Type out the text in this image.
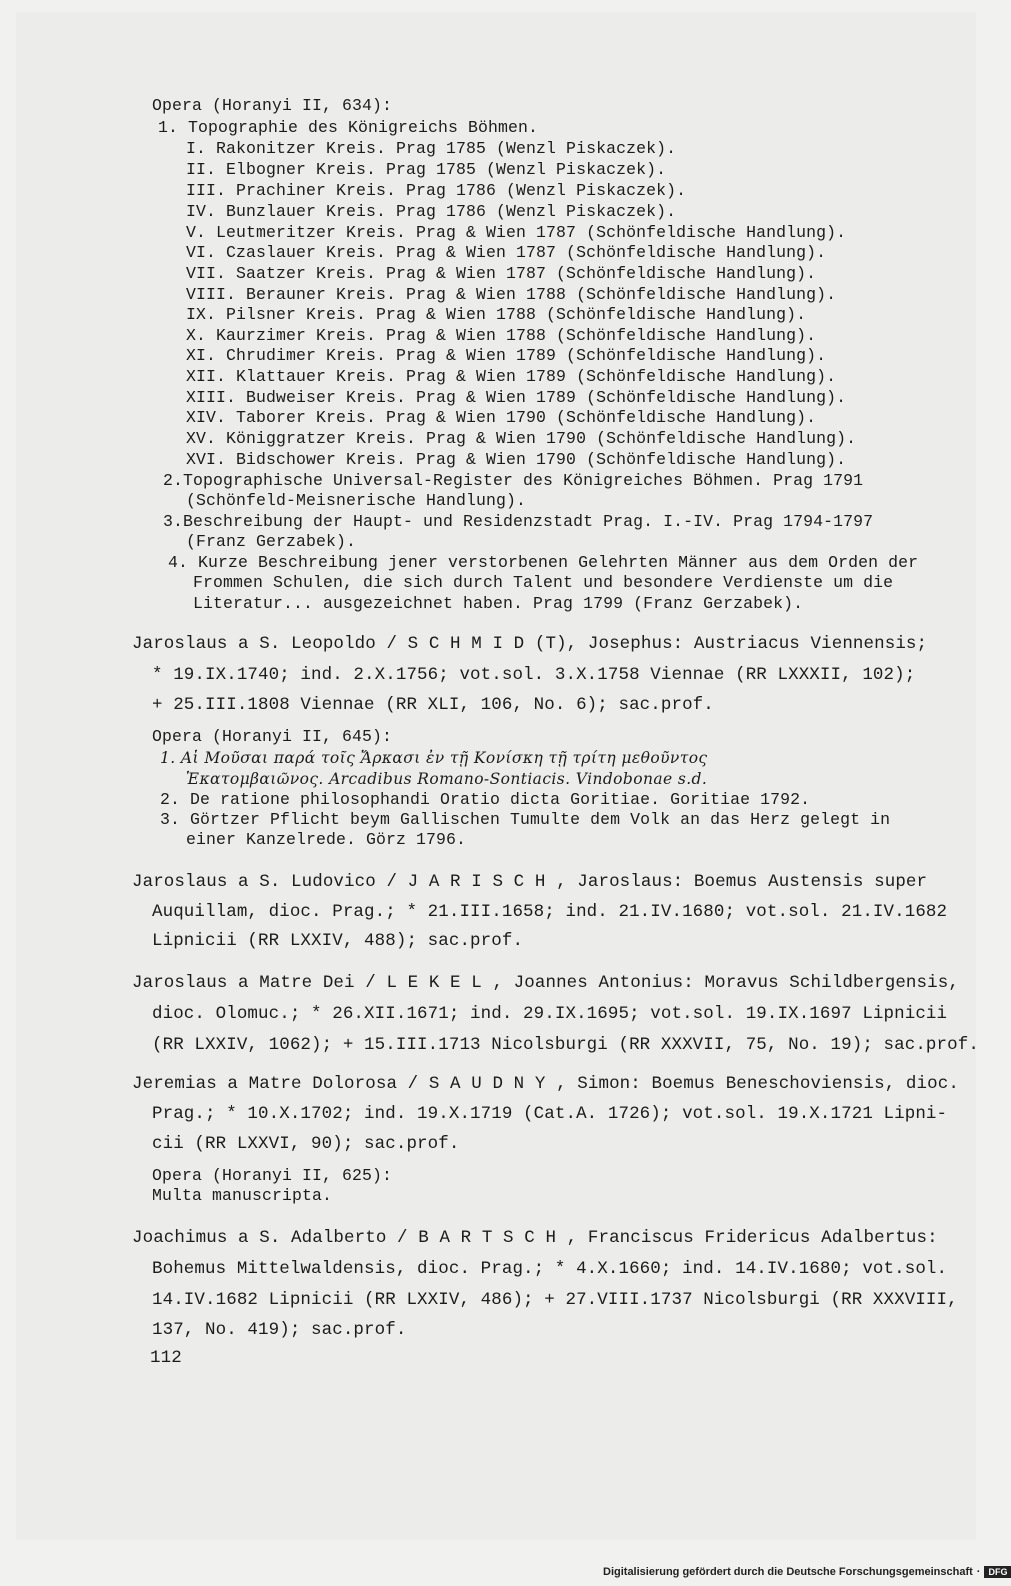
Opera (Horanyi II, 634):
1. Topographie des Königreichs Böhmen.
I. Rakonitzer Kreis. Prag 1785 (Wenzl Piskaczek).
II. Elbogner Kreis. Prag 1785 (Wenzl Piskaczek).
III. Prachiner Kreis. Prag 1786 (Wenzl Piskaczek).
IV. Bunzlauer Kreis. Prag 1786 (Wenzl Piskaczek).
V. Leutmeritzer Kreis. Prag & Wien 1787 (Schönfeldische Handlung).
VI. Czaslauer Kreis. Prag & Wien 1787 (Schönfeldische Handlung).
VII. Saatzer Kreis. Prag & Wien 1787 (Schönfeldische Handlung).
VIII. Berauner Kreis. Prag & Wien 1788 (Schönfeldische Handlung).
IX. Pilsner Kreis. Prag & Wien 1788 (Schönfeldische Handlung).
X. Kaurzimer Kreis. Prag & Wien 1788 (Schönfeldische Handlung).
XI. Chrudimer Kreis. Prag & Wien 1789 (Schönfeldische Handlung).
XII. Klattauer Kreis. Prag & Wien 1789 (Schönfeldische Handlung).
XIII. Budweiser Kreis. Prag & Wien 1789 (Schönfeldische Handlung).
XIV. Taborer Kreis. Prag & Wien 1790 (Schönfeldische Handlung).
XV. Königgratzer Kreis. Prag & Wien 1790 (Schönfeldische Handlung).
XVI. Bidschower Kreis. Prag & Wien 1790 (Schönfeldische Handlung).
2.Topographische Universal-Register des Königreiches Böhmen. Prag 1791
(Schönfeld-Meisnerische Handlung).
3.Beschreibung der Haupt- und Residenzstadt Prag. I.-IV. Prag 1794-1797
(Franz Gerzabek).
4. Kurze Beschreibung jener verstorbenen Gelehrten Männer aus dem Orden der
Frommen Schulen, die sich durch Talent und besondere Verdienste um die
Literatur... ausgezeichnet haben. Prag 1799 (Franz Gerzabek).
Jaroslaus a S. Leopoldo / S C H M I D (T), Josephus: Austriacus Viennensis;
* 19.IX.1740; ind. 2.X.1756; vot.sol. 3.X.1758 Viennae (RR LXXXII, 102);
+ 25.III.1808 Viennae (RR XLI, 106, No. 6); sac.prof.
Opera (Horanyi II, 645):
1. Aἱ Μοῦσαι παρά τοῖς Ἄρκασι ἐν τῇ Κονίσκη τῇ τρίτη μεθοῦντος
Ἑκατομβαιῶνος. Arcadibus Romano-Sontiacis. Vindobonae s.d.
2. De ratione philosophandi Oratio dicta Goritiae. Goritiae 1792.
3. Görtzer Pflicht beym Gallischen Tumulte dem Volk an das Herz gelegt in
einer Kanzelrede. Görz 1796.
Jaroslaus a S. Ludovico / J A R I S C H , Jaroslaus: Boemus Austensis super
Auquillam, dioc. Prag.; * 21.III.1658; ind. 21.IV.1680; vot.sol. 21.IV.1682
Lipnicii (RR LXXIV, 488); sac.prof.
Jaroslaus a Matre Dei / L E K E L , Joannes Antonius: Moravus Schildbergensis,
dioc. Olomuc.; * 26.XII.1671; ind. 29.IX.1695; vot.sol. 19.IX.1697 Lipnicii
(RR LXXIV, 1062); + 15.III.1713 Nicolsburgi (RR XXXVII, 75, No. 19); sac.prof.
Jeremias a Matre Dolorosa / S A U D N Y , Simon: Boemus Beneschoviensis, dioc.
Prag.; * 10.X.1702; ind. 19.X.1719 (Cat.A. 1726); vot.sol. 19.X.1721 Lipni-
cii (RR LXXVI, 90); sac.prof.
Opera (Horanyi II, 625):
Multa manuscripta.
Joachimus a S. Adalberto / B A R T S C H , Franciscus Fridericus Adalbertus:
Bohemus Mittelwaldensis, dioc. Prag.; * 4.X.1660; ind. 14.IV.1680; vot.sol.
14.IV.1682 Lipnicii (RR LXXIV, 486); + 27.VIII.1737 Nicolsburgi (RR XXXVIII,
137, No. 419); sac.prof.
112
Digitalisierung gefördert durch die Deutsche Forschungsgemeinschaft · DFG
